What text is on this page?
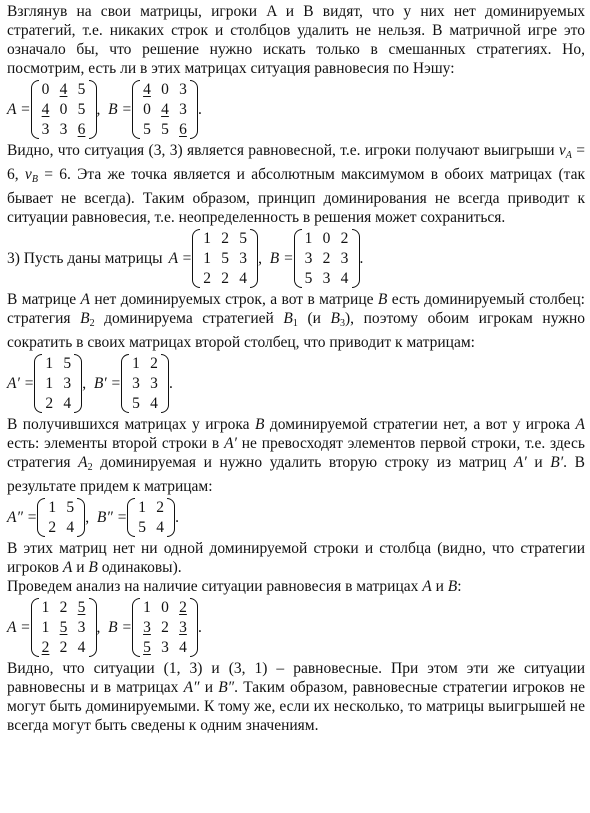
Взглянув на свои матрицы, игроки A и B видят, что у них нет доминируемых стратегий, т.е. никаких строк и столбцов удалить не нельзя. В матричной игре это означало бы, что решение нужно искать только в смешанных стратегиях. Но, посмотрим, есть ли в этих матрицах ситуация равновесия по Нэшу:

A =
0 4 5
4 0 5
3 3 6
, B =
4 0 3
0 4 3
5 5 6
.

Видно, что ситуация (3, 3) является равновесной, т.е. игроки получают выигрыши $v_A = 6$, $v_B = 6$. Эта же точка является и абсолютным максимумом в обоих матрицах (так бывает не всегда). Таким образом, принцип доминирования не всегда приводит к ситуации равновесия, т.е. неопределенность в решения может сохраниться.

3) Пусть даны матрицы A =
1 2 5
1 5 3
2 2 4
, B =
1 0 2
3 2 3
5 3 4
.

В матрице A нет доминируемых строк, а вот в матрице B есть доминируемый столбец: стратегия $B_2$ доминируема стратегией $B_1$ (и $B_3$), поэтому обоим игрокам нужно сократить в своих матрицах второй столбец, что приводит к матрицам:

A′ =
1 5
1 3
2 4
, B′ =
1 2
3 3
5 4
.

В получившихся матрицах у игрока B доминируемой стратегии нет, а вот у игрока A есть: элементы второй строки в A′ не превосходят элементов первой строки, т.е. здесь стратегия $A_2$ доминируемая и нужно удалить вторую строку из матриц A′ и B′. В результате придем к матрицам:

A″ =
1 5
2 4
, B″ =
1 2
5 4
.

В этих матриц нет ни одной доминируемой строки и столбца (видно, что стратегии игроков A и B одинаковы).

Проведем анализ на наличие ситуации равновесия в матрицах A и B:

A =
1 2 5
1 5 3
2 2 4
, B =
1 0 2
3 2 3
5 3 4
.

Видно, что ситуации (1, 3) и (3, 1) – равновесные. При этом эти же ситуации равновесны и в матрицах A″ и B″. Таким образом, равновесные стратегии игроков не могут быть доминируемыми. К тому же, если их несколько, то матрицы выигрышей не всегда могут быть сведены к одним значениям.
